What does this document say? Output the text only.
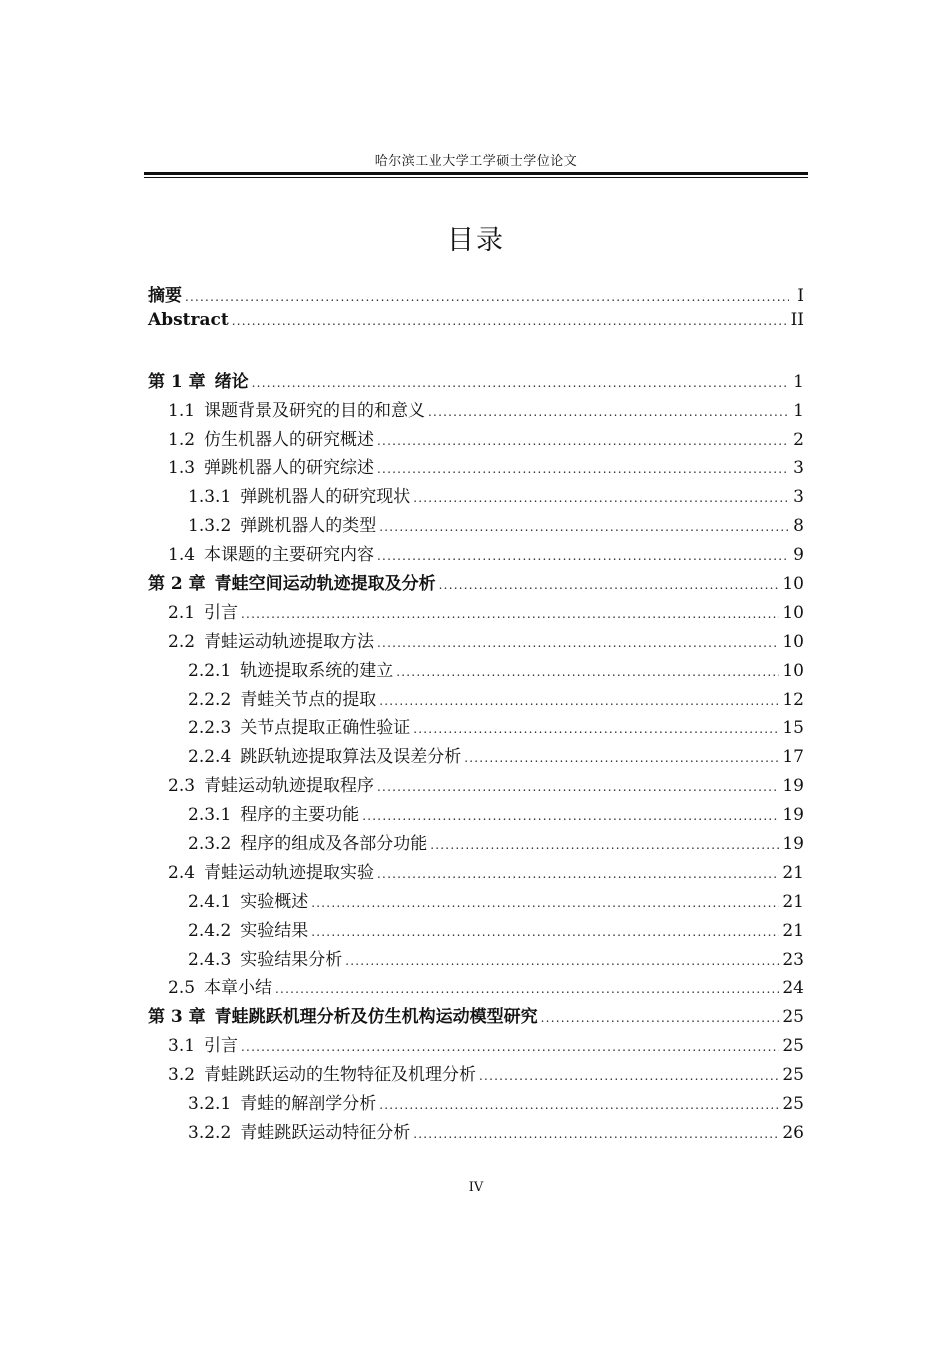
哈尔滨工业大学工学硕士学位论文
目录
摘要 .....	I
Abstract .....	II
第 1 章 绪论 .....	1
1.1 课题背景及研究的目的和意义 .....	1
1.2 仿生机器人的研究概述 .....	2
1.3 弹跳机器人的研究综述 .....	3
1.3.1 弹跳机器人的研究现状 .....	3
1.3.2 弹跳机器人的类型 .....	8
1.4 本课题的主要研究内容 .....	9
第 2 章 青蛙空间运动轨迹提取及分析 .....	10
2.1 引言 .....	10
2.2 青蛙运动轨迹提取方法 .....	10
2.2.1 轨迹提取系统的建立 .....	10
2.2.2 青蛙关节点的提取 .....	12
2.2.3 关节点提取正确性验证 .....	15
2.2.4 跳跃轨迹提取算法及误差分析 .....	17
2.3 青蛙运动轨迹提取程序 .....	19
2.3.1 程序的主要功能 .....	19
2.3.2 程序的组成及各部分功能 .....	19
2.4 青蛙运动轨迹提取实验 .....	21
2.4.1 实验概述 .....	21
2.4.2 实验结果 .....	21
2.4.3 实验结果分析 .....	23
2.5 本章小结 .....	24
第 3 章 青蛙跳跃机理分析及仿生机构运动模型研究 .....	25
3.1 引言 .....	25
3.2 青蛙跳跃运动的生物特征及机理分析 .....	25
3.2.1 青蛙的解剖学分析 .....	25
3.2.2 青蛙跳跃运动特征分析 .....	26
IV
